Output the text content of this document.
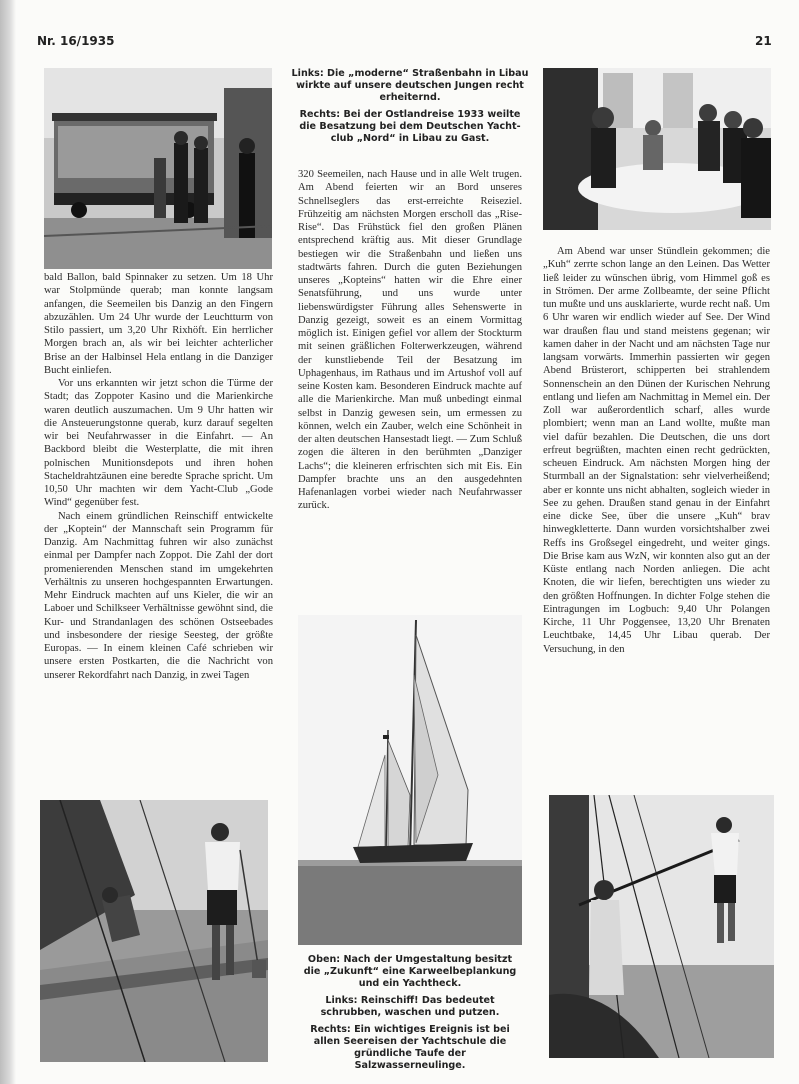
Nr. 16/1935	21

Links: Die „moderne“ Straßenbahn in Libau wirkte auf unsere deutschen Jungen recht erheiternd.

Rechts: Bei der Ostlandreise 1933 weilte die Besatzung bei dem Deutschen Yacht-club „Nord“ in Libau zu Gast.

bald Ballon, bald Spinnaker zu setzen. Um 18 Uhr war Stolpmünde querab; man konnte langsam anfangen, die Seemeilen bis Danzig an den Fingern abzuzählen. Um 24 Uhr wurde der Leuchtturm von Stilo passiert, um 3,20 Uhr Rixhöft. Ein herrlicher Morgen brach an, als wir bei leichter achterlicher Brise an der Halbinsel Hela entlang in die Danziger Bucht einliefen.

Vor uns erkannten wir jetzt schon die Türme der Stadt; das Zoppoter Kasino und die Marienkirche waren deutlich auszumachen. Um 9 Uhr hatten wir die Ansteuerungstonne querab, kurz darauf segelten wir bei Neufahrwasser in die Einfahrt. — An Backbord bleibt die Westerplatte, die mit ihren polnischen Munitionsdepots und ihren hohen Stacheldrahtzäunen eine beredte Sprache spricht. Um 10,50 Uhr machten wir dem Yacht-Club „Gode Wind“ gegenüber fest.

Nach einem gründlichen Reinschiff entwickelte der „Koptein“ der Mannschaft sein Programm für Danzig. Am Nachmittag fuhren wir also zunächst einmal per Dampfer nach Zoppot. Die Zahl der dort promenierenden Menschen stand im umgekehrten Verhältnis zu unseren hochgespannten Erwartungen. Mehr Eindruck machten auf uns Kieler, die wir an Laboer und Schilkseer Verhältnisse gewöhnt sind, die Kur- und Strandanlagen des schönen Ostseebades und insbesondere der riesige Seesteg, der größte Europas. — In einem kleinen Café schrieben wir unsere ersten Postkarten, die die Nachricht von unserer Rekordfahrt nach Danzig, in zwei Tagen

320 Seemeilen, nach Hause und in alle Welt trugen. Am Abend feierten wir an Bord unseres Schnellseglers das erst-erreichte Reiseziel. Frühzeitig am nächsten Morgen erscholl das „Rise-Rise“. Das Frühstück fiel den großen Plänen entsprechend kräftig aus. Mit dieser Grundlage bestiegen wir die Straßenbahn und ließen uns stadtwärts fahren. Durch die guten Beziehungen unseres „Kopteins“ hatten wir die Ehre einer Senatsführung, und uns wurde unter liebenswürdigster Führung alles Sehenswerte in Danzig gezeigt, soweit es an einem Vormittag möglich ist. Einigen gefiel vor allem der Stockturm mit seinen gräßlichen Folterwerkzeugen, während der kunstliebende Teil der Besatzung im Uphagenhaus, im Rathaus und im Artushof voll auf seine Kosten kam. Besonderen Eindruck machte auf alle die Marienkirche. Man muß unbedingt einmal selbst in Danzig gewesen sein, um ermessen zu können, welch ein Zauber, welch eine Schönheit in der alten deutschen Hansestadt liegt. — Zum Schluß zogen die älteren in den berühmten „Danziger Lachs“; die kleineren erfrischten sich mit Eis. Ein Dampfer brachte uns an den ausgedehnten Hafenanlagen vorbei wieder nach Neufahrwasser zurück.

Am Abend war unser Stündlein gekommen; die „Kuh“ zerrte schon lange an den Leinen. Das Wetter ließ leider zu wünschen übrig, vom Himmel goß es in Strömen. Der arme Zollbeamte, der seine Pflicht tun mußte und uns ausklarierte, wurde recht naß. Um 6 Uhr waren wir endlich wieder auf See. Der Wind war draußen flau und stand meistens gegenan; wir kamen daher in der Nacht und am nächsten Tage nur langsam vorwärts. Immerhin passierten wir gegen Abend Brüsterort, schipperten bei strahlendem Sonnenschein an den Dünen der Kurischen Nehrung entlang und liefen am Nachmittag in Memel ein. Der Zoll war außerordentlich scharf, alles wurde plombiert; wenn man an Land wollte, mußte man viel dafür bezahlen. Die Deutschen, die uns dort erfreut begrüßten, machten einen recht gedrückten, scheuen Eindruck. Am nächsten Morgen hing der Sturmball an der Signalstation: sehr vielverheißend; aber er konnte uns nicht abhalten, sogleich wieder in See zu gehen. Draußen stand genau in der Einfahrt eine dicke See, über die unsere „Kuh“ brav hinwegkletterte. Dann wurden vorsichtshalber zwei Reffs ins Großsegel eingedreht, und weiter gings. Die Brise kam aus WzN, wir konnten also gut an der Küste entlang nach Norden anliegen. Die acht Knoten, die wir liefen, berechtigten uns wieder zu den größten Hoffnungen. In dichter Folge stehen die Eintragungen im Logbuch: 9,40 Uhr Polangen Kirche, 11 Uhr Poggensee, 13,20 Uhr Brenaten Leuchtbake, 14,45 Uhr Libau querab. Der Versuchung, in den

Oben: Nach der Umgestaltung besitzt die „Zukunft“ eine Karweelbeplankung und ein Yachtheck.

Links: Reinschiff! Das bedeutet schrubben, waschen und putzen.

Rechts: Ein wichtiges Ereignis ist bei allen Seereisen der Yachtschule die gründliche Taufe der Salzwasserneulinge.
